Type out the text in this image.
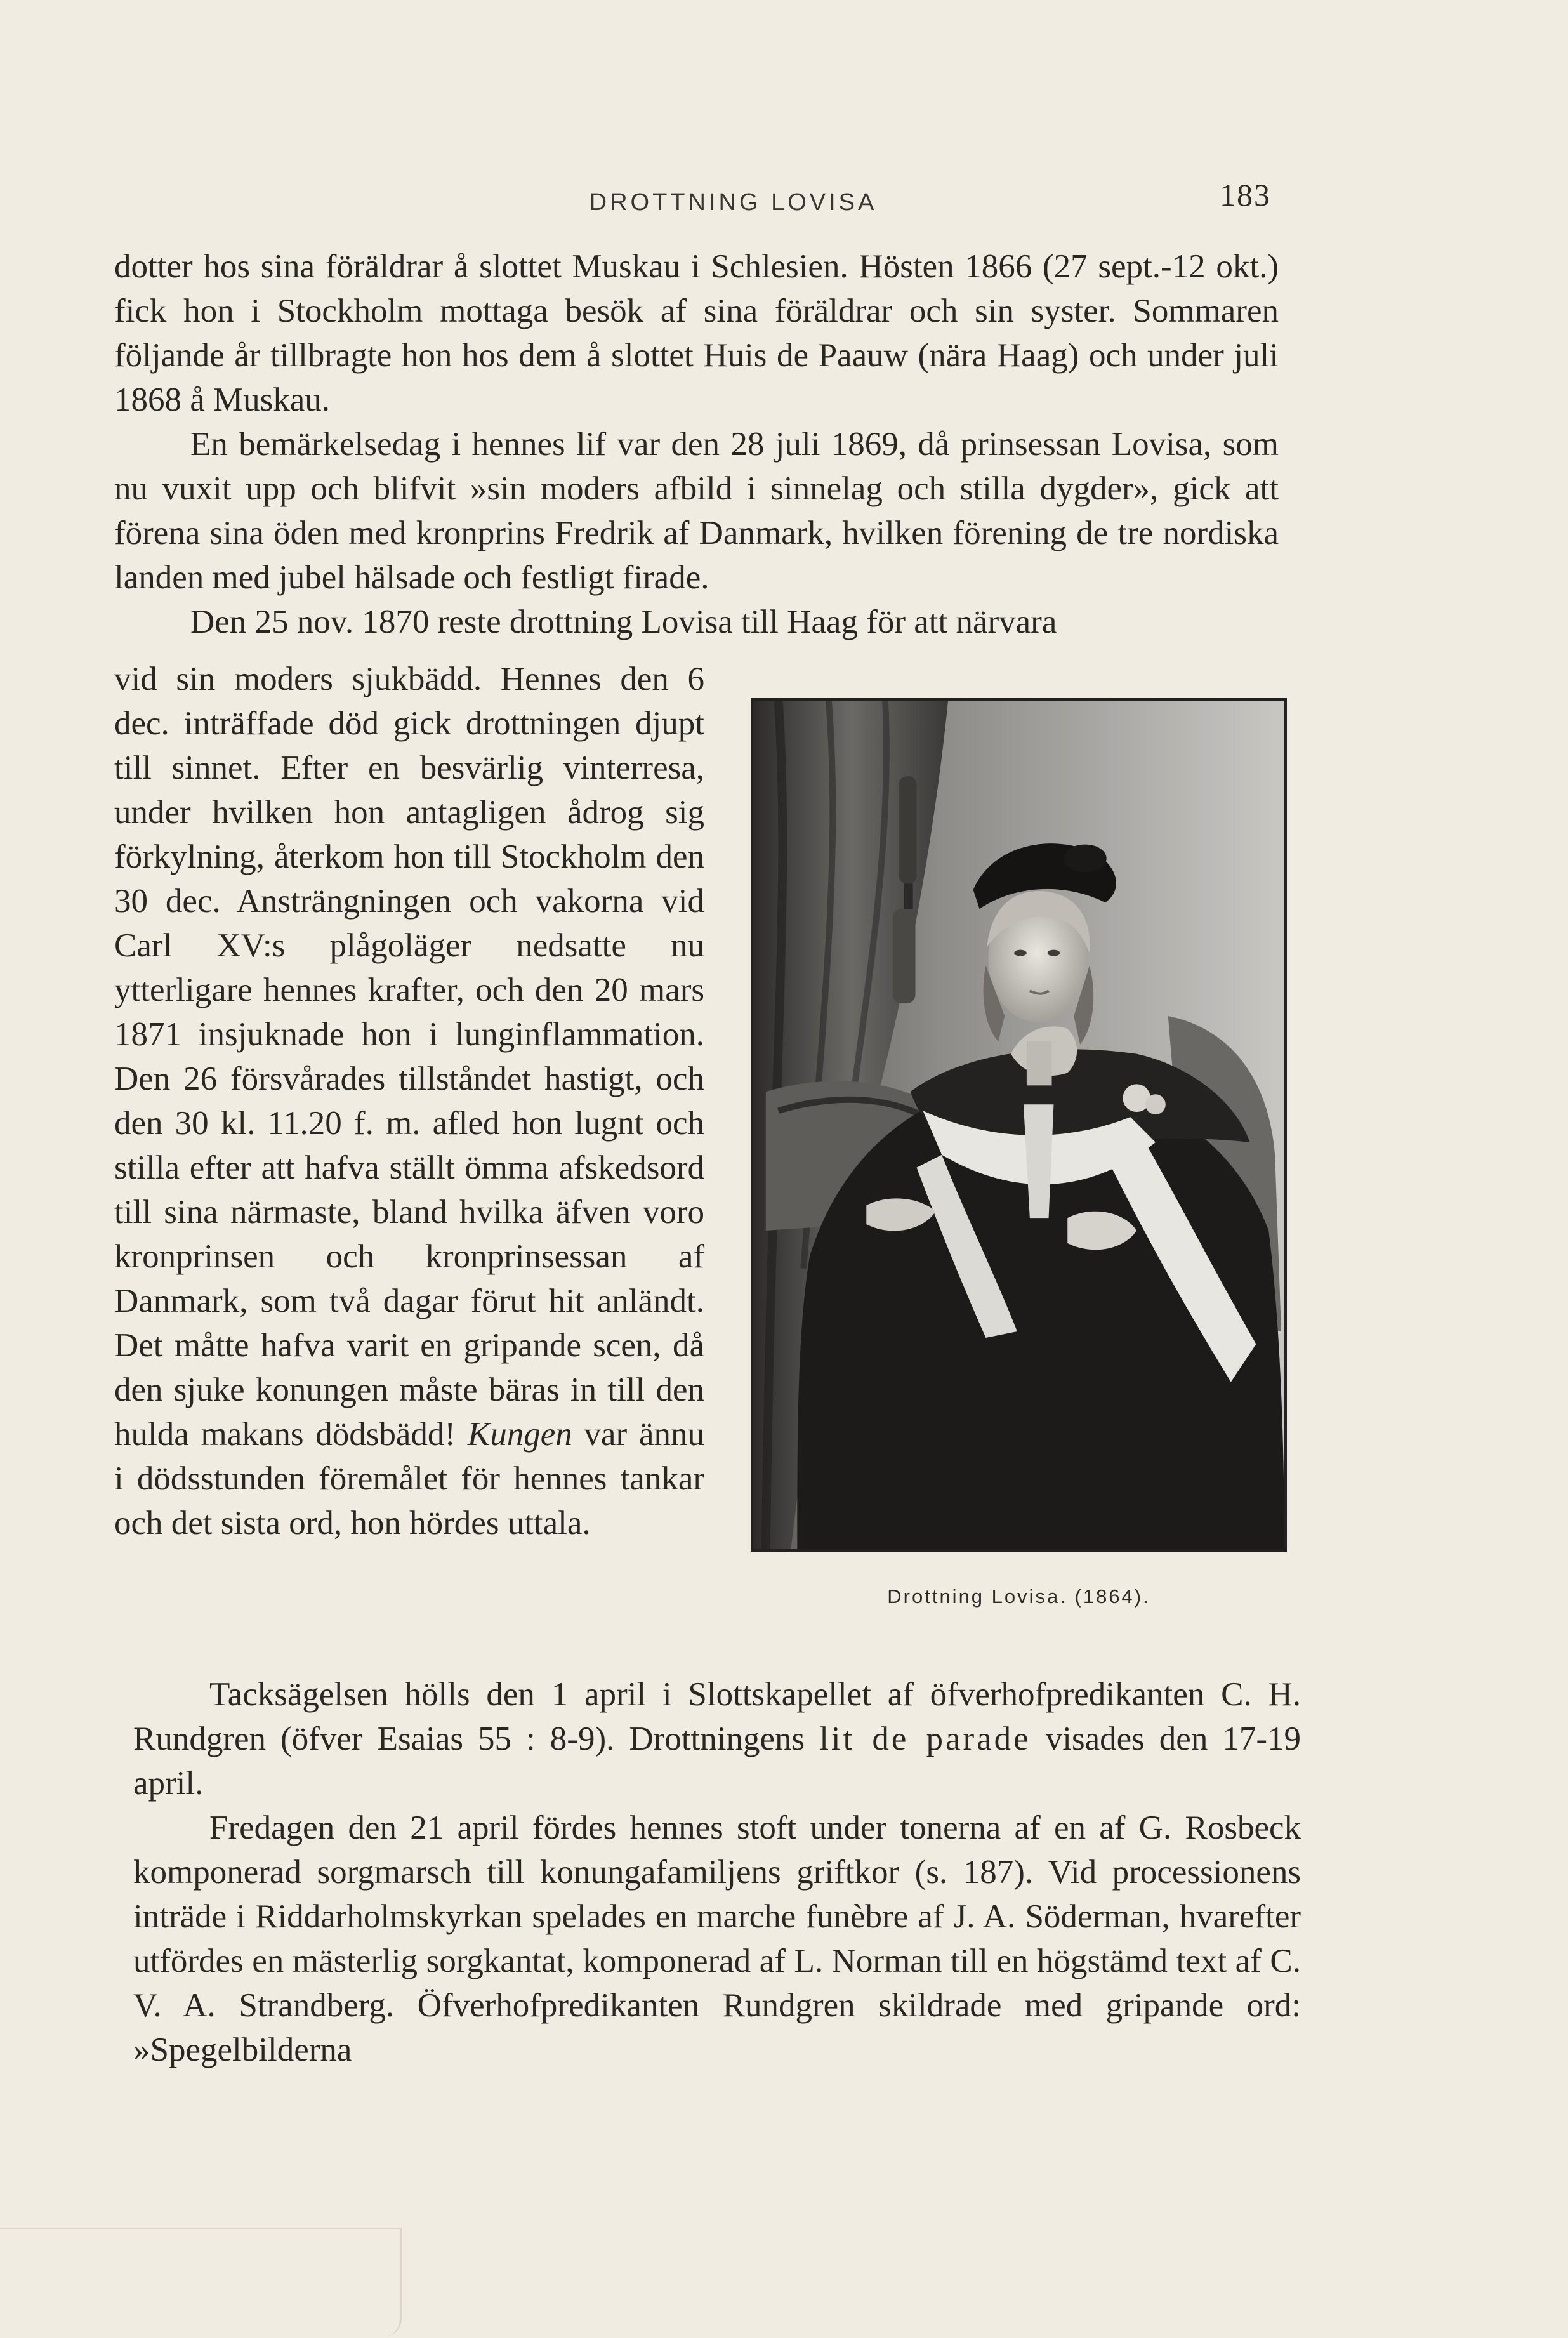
DROTTNING LOVISA	183

dotter hos sina föräldrar å slottet Muskau i Schlesien. Hösten 1866 (27 sept.-12 okt.) fick hon i Stockholm mottaga besök af sina föräldrar och sin syster. Sommaren följande år tillbragte hon hos dem å slottet Huis de Paauw (nära Haag) och under juli 1868 å Muskau.

En bemärkelsedag i hennes lif var den 28 juli 1869, då prinsessan Lovisa, som nu vuxit upp och blifvit »sin moders afbild i sinnelag och stilla dygder», gick att förena sina öden med kronprins Fredrik af Danmark, hvilken förening de tre nordiska landen med jubel hälsade och festligt firade.

Den 25 nov. 1870 reste drottning Lovisa till Haag för att närvara

vid sin moders sjukbädd. Hennes den 6 dec. inträffade död gick drottningen djupt till sinnet. Efter en besvärlig vinterresa, under hvilken hon antagligen ådrog sig förkylning, återkom hon till Stockholm den 30 dec. Ansträngningen och vakorna vid Carl XV:s plågoläger nedsatte nu ytterligare hennes krafter, och den 20 mars 1871 insjuknade hon i lunginflammation. Den 26 försvårades tillståndet hastigt, och den 30 kl. 11.20 f. m. afled hon lugnt och stilla efter att hafva ställt ömma afskedsord till sina närmaste, bland hvilka äfven voro kronprinsen och kronprinsessan af Danmark, som två dagar förut hit anländt. Det måtte hafva varit en gripande scen, då den sjuke konungen måste bäras in till den hulda makans dödsbädd! Kungen var ännu i dödsstunden föremålet för hennes tankar och det sista ord, hon hördes uttala.

Drottning Lovisa. (1864).

Tacksägelsen hölls den 1 april i Slottskapellet af öfverhofpredikanten C. H. Rundgren (öfver Esaias 55 : 8-9). Drottningens lit de parade visades den 17-19 april.

Fredagen den 21 april fördes hennes stoft under tonerna af en af G. Rosbeck komponerad sorgmarsch till konungafamiljens griftkor (s. 187). Vid processionens inträde i Riddarholmskyrkan spelades en marche funèbre af J. A. Söderman, hvarefter utfördes en mästerlig sorgkantat, komponerad af L. Norman till en högstämd text af C. V. A. Strandberg. Öfverhofpredikanten Rundgren skildrade med gripande ord: »Spegelbilderna
